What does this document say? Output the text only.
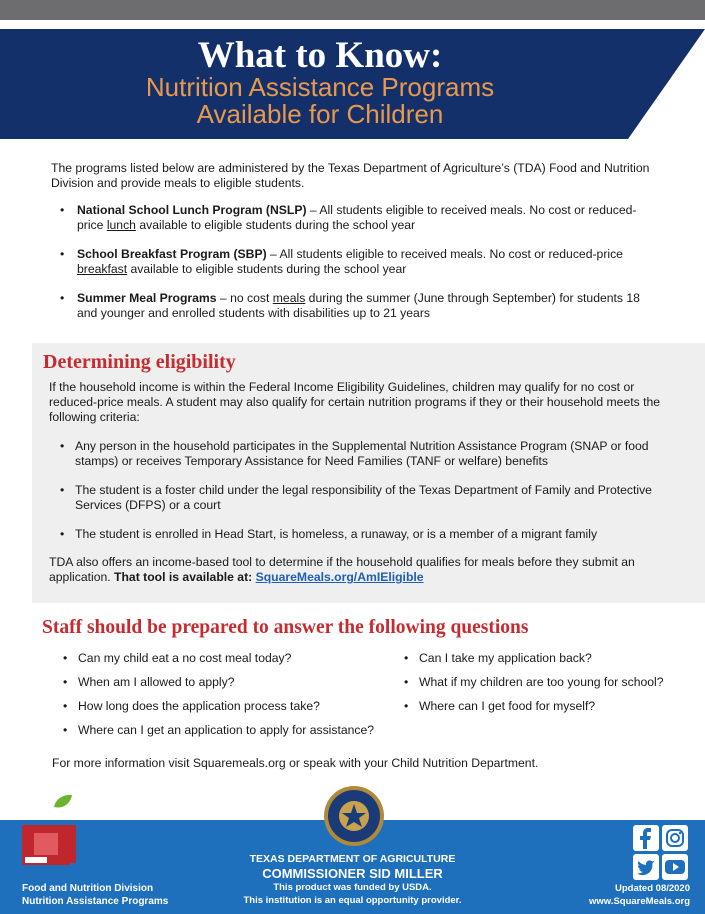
What to Know:
Nutrition Assistance Programs
Available for Children

The programs listed below are administered by the Texas Department of Agriculture’s (TDA) Food and Nutrition Division and provide meals to eligible students.

• National School Lunch Program (NSLP) – All students eligible to received meals. No cost or reduced-price lunch available to eligible students during the school year
• School Breakfast Program (SBP) – All students eligible to received meals. No cost or reduced-price breakfast available to eligible students during the school year
• Summer Meal Programs – no cost meals during the summer (June through September) for students 18 and younger and enrolled students with disabilities up to 21 years
Determining eligibility

If the household income is within the Federal Income Eligibility Guidelines, children may qualify for no cost or reduced-price meals. A student may also qualify for certain nutrition programs if they or their household meets the following criteria:

• Any person in the household participates in the Supplemental Nutrition Assistance Program (SNAP or food stamps) or receives Temporary Assistance for Need Families (TANF or welfare) benefits
• The student is a foster child under the legal responsibility of the Texas Department of Family and Protective Services (DFPS) or a court
• The student is enrolled in Head Start, is homeless, a runaway, or is a member of a migrant family

TDA also offers an income-based tool to determine if the household qualifies for meals before they submit an application. That tool is available at: SquareMeals.org/AmIEligible

Staff should be prepared to answer the following questions
• Can my child eat a no cost meal today?
• When am I allowed to apply?
• How long does the application process take?
• Where can I get an application to apply for assistance?
• Can I take my application back?
• What if my children are too young for school?
• Where can I get food for myself?

For more information visit Squaremeals.org or speak with your Child Nutrition Department.

Food and Nutrition Division
Nutrition Assistance Programs
TEXAS DEPARTMENT OF AGRICULTURE
COMMISSIONER SID MILLER
This product was funded by USDA.
This institution is an equal opportunity provider.
Updated 08/2020
www.SquareMeals.org
